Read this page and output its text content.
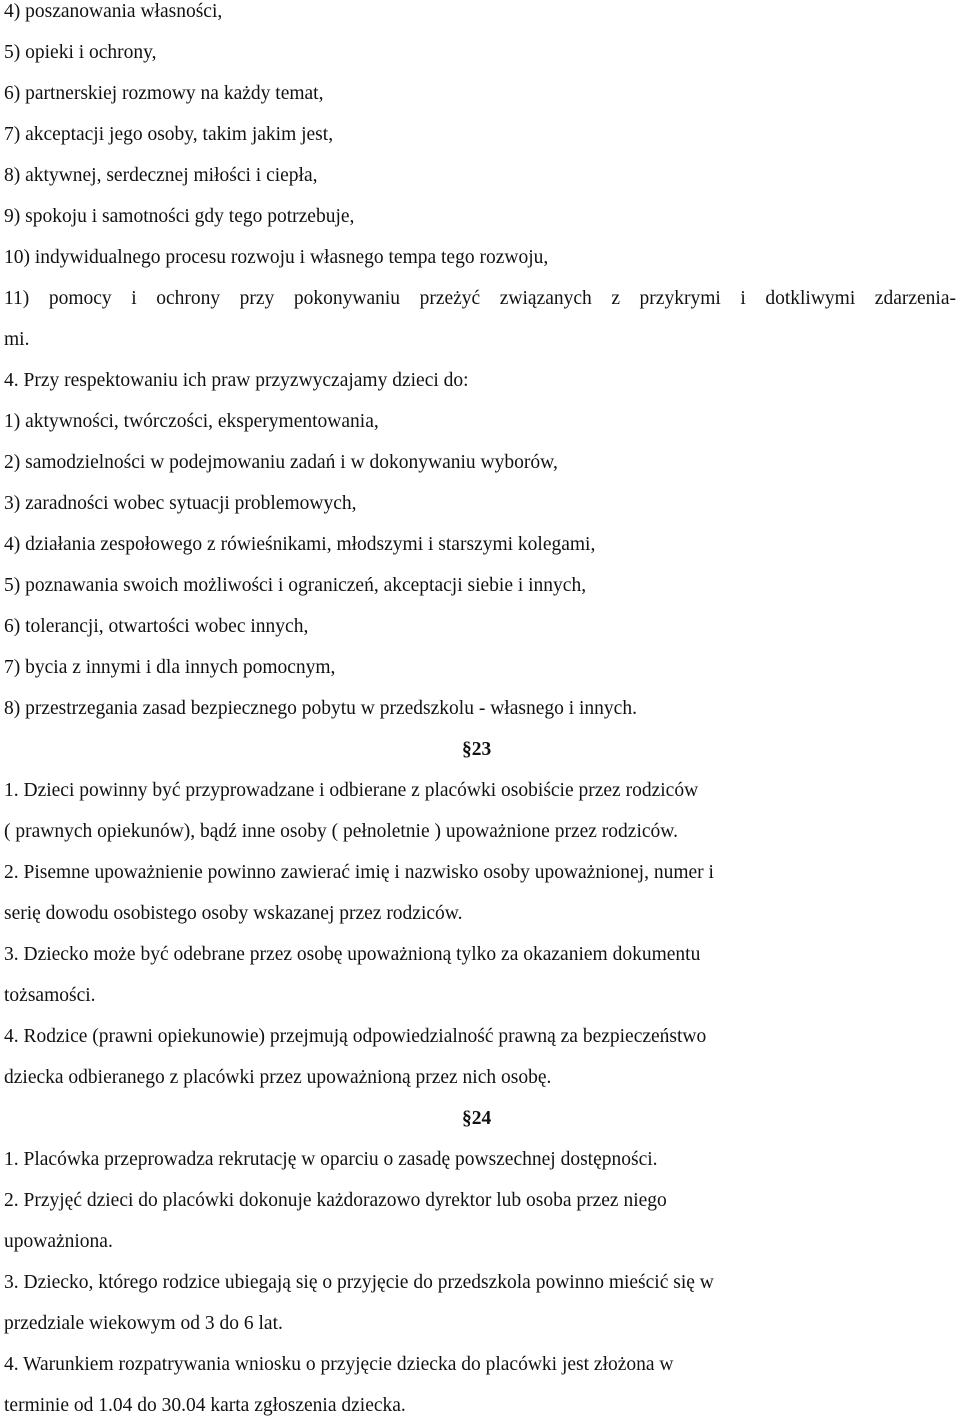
4) poszanowania własności,
5) opieki i ochrony,
6) partnerskiej rozmowy na każdy temat,
7) akceptacji jego osoby, takim jakim jest,
8) aktywnej, serdecznej miłości i ciepła,
9) spokoju i samotności gdy tego potrzebuje,
10) indywidualnego procesu rozwoju i własnego tempa tego rozwoju,
11) pomocy i ochrony przy pokonywaniu przeżyć związanych z przykrymi i dotkliwymi zdarzenia-
mi.
4. Przy respektowaniu ich praw przyzwyczajamy dzieci do:
1) aktywności, twórczości, eksperymentowania,
2) samodzielności w podejmowaniu zadań i w dokonywaniu wyborów,
3) zaradności wobec sytuacji problemowych,
4) działania zespołowego z rówieśnikami, młodszymi i starszymi kolegami,
5) poznawania swoich możliwości i ograniczeń, akceptacji siebie i innych,
6) tolerancji, otwartości wobec innych,
7) bycia z innymi i dla innych pomocnym,
8) przestrzegania zasad bezpiecznego pobytu w przedszkolu - własnego i innych.
§23
1. Dzieci powinny być przyprowadzane i odbierane z placówki osobiście przez rodziców
( prawnych opiekunów), bądź inne osoby ( pełnoletnie ) upoważnione przez rodziców.
2. Pisemne upoważnienie powinno zawierać imię i nazwisko osoby upoważnionej, numer i
serię dowodu osobistego osoby wskazanej przez rodziców.
3. Dziecko może być odebrane przez osobę upoważnioną tylko za okazaniem dokumentu
tożsamości.
4. Rodzice (prawni opiekunowie) przejmują odpowiedzialność prawną za bezpieczeństwo
dziecka odbieranego z placówki przez upoważnioną przez nich osobę.
§24
1. Placówka przeprowadza rekrutację w oparciu o zasadę powszechnej dostępności.
2. Przyjęć dzieci do placówki dokonuje każdorazowo dyrektor lub osoba przez niego
upoważniona.
3. Dziecko, którego rodzice ubiegają się o przyjęcie do przedszkola powinno mieścić się w
przedziale wiekowym od 3 do 6 lat.
4. Warunkiem rozpatrywania wniosku o przyjęcie dziecka do placówki jest złożona w
terminie od 1.04 do 30.04 karta zgłoszenia dziecka.
